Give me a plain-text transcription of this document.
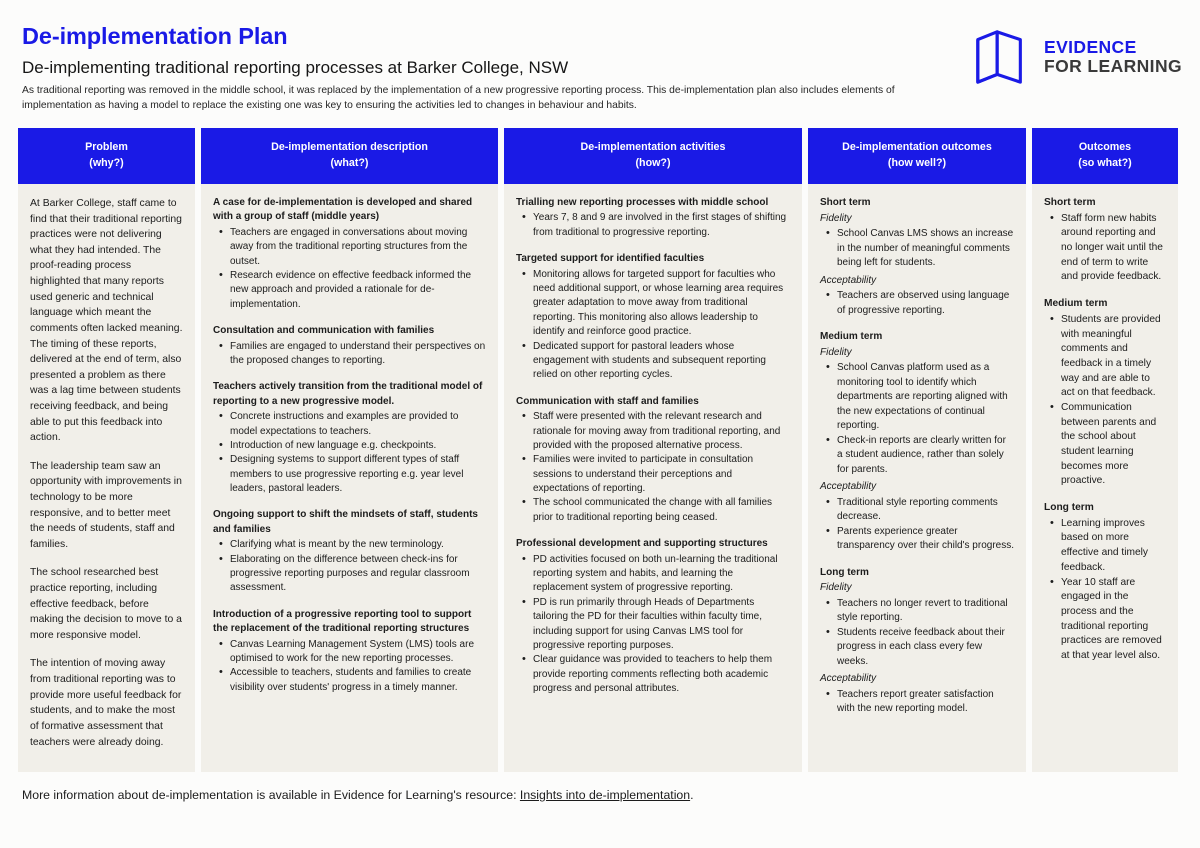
De-implementation Plan
De-implementing traditional reporting processes at Barker College, NSW

As traditional reporting was removed in the middle school, it was replaced by the implementation of a new progressive reporting process. This de-implementation plan also includes elements of implementation as having a model to replace the existing one was key to ensuring the activities led to changes in behaviour and habits.

EVIDENCE
FOR LEARNING
Problem
(why?)

At Barker College, staff came to find that their traditional reporting practices were not delivering what they had intended. The proof-reading process highlighted that many reports used generic and technical language which meant the comments often lacked meaning. The timing of these reports, delivered at the end of term, also presented a problem as there was a lag time between students receiving feedback, and being able to put this feedback into action.

The leadership team saw an opportunity with improvements in technology to be more responsive, and to better meet the needs of students, staff and families.

The school researched best practice reporting, including effective feedback, before making the decision to move to a more responsive model.

The intention of moving away from traditional reporting was to provide more useful feedback for students, and to make the most of formative assessment that teachers were already doing.

De-implementation description
(what?)

A case for de-implementation is developed and shared with a group of staff (middle years)

• Teachers are engaged in conversations about moving away from the traditional reporting structures from the outset.
• Research evidence on effective feedback informed the new approach and provided a rationale for de-implementation.

Consultation and communication with families

• Families are engaged to understand their perspectives on the proposed changes to reporting.

Teachers actively transition from the traditional model of reporting to a new progressive model.

• Concrete instructions and examples are provided to model expectations to teachers.
• Introduction of new language e.g. checkpoints.
• Designing systems to support different types of staff members to use progressive reporting e.g. year level leaders, pastoral leaders.

Ongoing support to shift the mindsets of staff, students and families

• Clarifying what is meant by the new terminology.
• Elaborating on the difference between check-ins for progressive reporting purposes and regular classroom assessment.

Introduction of a progressive reporting tool to support the replacement of the traditional reporting structures

• Canvas Learning Management System (LMS) tools are optimised to work for the new reporting processes.
• Accessible to teachers, students and families to create visibility over students' progress in a timely manner.
De-implementation activities
(how?)

Trialling new reporting processes with middle school

• Years 7, 8 and 9 are involved in the first stages of shifting from traditional to progressive reporting.

Targeted support for identified faculties

• Monitoring allows for targeted support for faculties who need additional support, or whose learning area requires greater adaptation to move away from traditional reporting. This monitoring also allows leadership to identify and reinforce good practice.
• Dedicated support for pastoral leaders whose engagement with students and subsequent reporting relied on other reporting cycles.

Communication with staff and families

• Staff were presented with the relevant research and rationale for moving away from traditional reporting, and provided with the proposed alternative process.
• Families were invited to participate in consultation sessions to understand their perceptions and expectations of reporting.
• The school communicated the change with all families prior to traditional reporting being ceased.

Professional development and supporting structures

• PD activities focused on both un-learning the traditional reporting system and habits, and learning the replacement system of progressive reporting.
• PD is run primarily through Heads of Departments tailoring the PD for their faculties within faculty time, including support for using Canvas LMS tool for progressive reporting purposes.
• Clear guidance was provided to teachers to help them provide reporting comments reflecting both academic progress and personal attributes.
De-implementation outcomes
(how well?)

Short term

Fidelity

• School Canvas LMS shows an increase in the number of meaningful comments being left for students.

Acceptability

• Teachers are observed using language of progressive reporting.

Medium term

Fidelity

• School Canvas platform used as a monitoring tool to identify which departments are reporting aligned with the new expectations of continual reporting.
• Check-in reports are clearly written for a student audience, rather than solely for parents.

Acceptability

• Traditional style reporting comments decrease.
• Parents experience greater transparency over their child's progress.

Long term

Fidelity

• Teachers no longer revert to traditional style reporting.
• Students receive feedback about their progress in each class every few weeks.

Acceptability

• Teachers report greater satisfaction with the new reporting model.
Outcomes
(so what?)

Short term

• Staff form new habits around reporting and no longer wait until the end of term to write and provide feedback.

Medium term

• Students are provided with meaningful comments and feedback in a timely way and are able to act on that feedback.
• Communication between parents and the school about student learning becomes more proactive.

Long term

• Learning improves based on more effective and timely feedback.
• Year 10 staff are engaged in the process and the traditional reporting practices are removed at that year level also.
More information about de-implementation is available in Evidence for Learning's resource: Insights into de-implementation.
